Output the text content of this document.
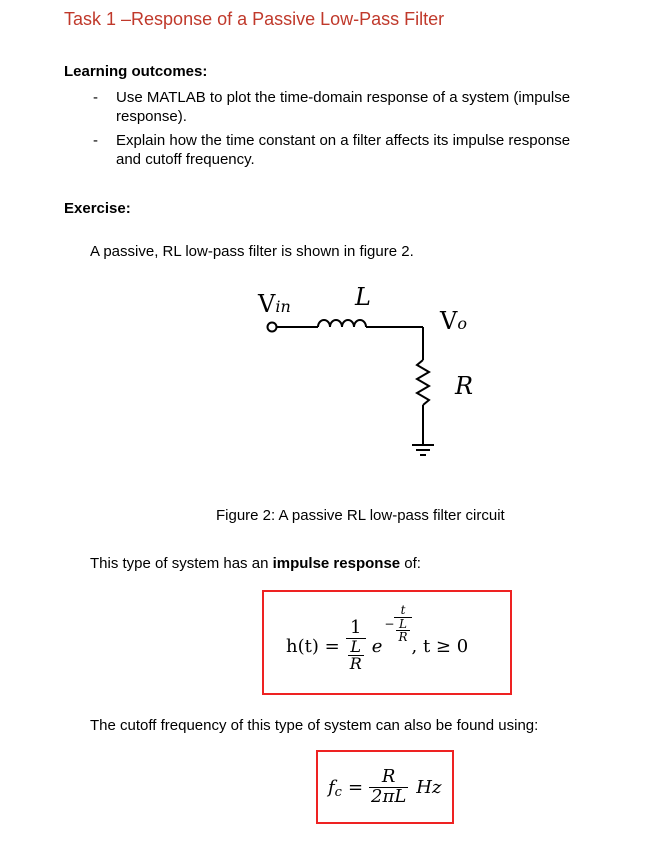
Task 1 –Response of a Passive Low-Pass Filter
Learning outcomes:
- Use MATLAB to plot the time-domain response of a system (impulse
response).
- Explain how the time constant on a filter affects its impulse response
and cutoff frequency.
Exercise:
A passive, RL low-pass filter is shown in figure 2.
Vin	L
Vo
R
Figure 2: A passive RL low-pass filter circuit
This type of system has an impulse response of:
$h(t) = \frac{1}{\frac{L}{R}}$ e
− $\frac{t}{\frac{L}{R}}$
, t ≥ 0
The cutoff frequency of this type of system can also be found using:
f $c = \frac{R}{2\pi L}$ Hz
